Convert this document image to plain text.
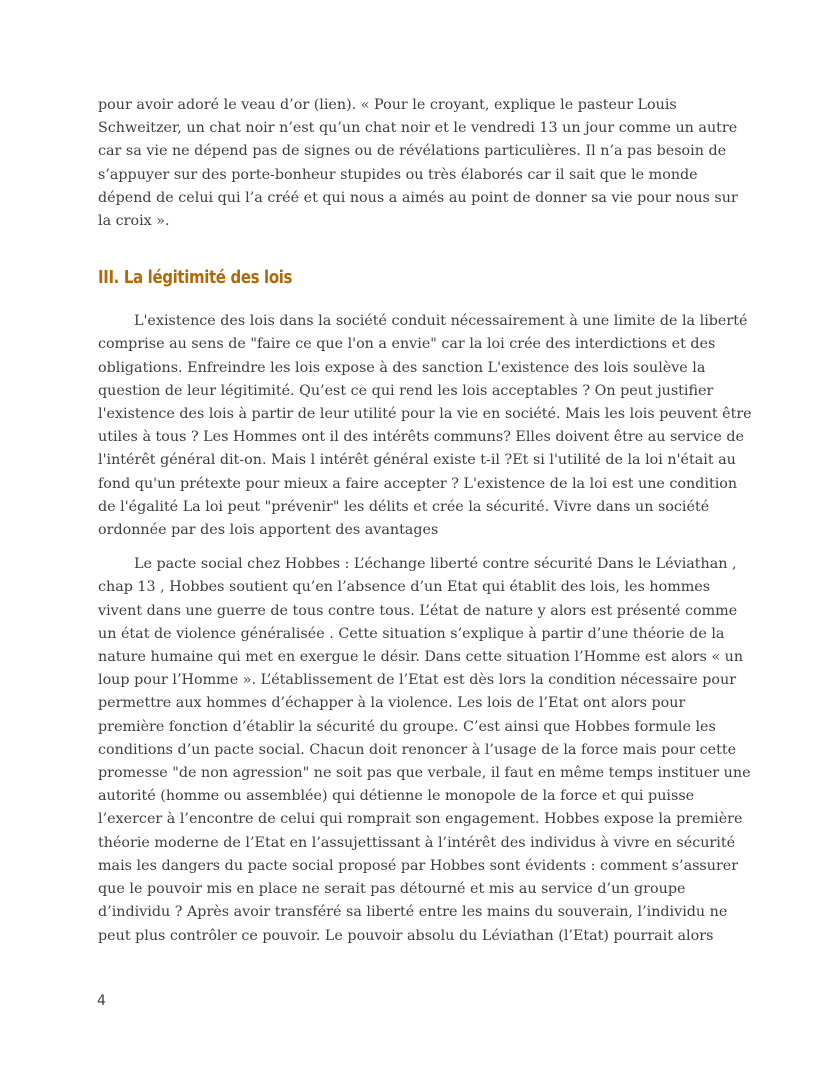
pour avoir adoré le veau d’or (lien). « Pour le croyant, explique le pasteur Louis
Schweitzer, un chat noir n’est qu’un chat noir et le vendredi 13 un jour comme un autre
car sa vie ne dépend pas de signes ou de révélations particulières. Il n’a pas besoin de
s’appuyer sur des porte-bonheur stupides ou très élaborés car il sait que le monde
dépend de celui qui l’a créé et qui nous a aimés au point de donner sa vie pour nous sur
la croix ».

III. La légitimité des lois

L'existence des lois dans la société conduit nécessairement à une limite de la liberté
comprise au sens de "faire ce que l'on a envie" car la loi crée des interdictions et des
obligations. Enfreindre les lois expose à des sanction L'existence des lois soulève la
question de leur légitimité. Qu’est ce qui rend les lois acceptables ? On peut justifier
l'existence des lois à partir de leur utilité pour la vie en société. Mais les lois peuvent être
utiles à tous ? Les Hommes ont il des intérêts communs? Elles doivent être au service de
l'intérêt général dit-on. Mais l intérêt général existe t-il ?Et si l'utilité de la loi n'était au
fond qu'un prétexte pour mieux a faire accepter ? L'existence de la loi est une condition
de l'égalité La loi peut "prévenir" les délits et crée la sécurité. Vivre dans un société
ordonnée par des lois apportent des avantages

Le pacte social chez Hobbes : L’échange liberté contre sécurité Dans le Léviathan ,
chap 13 , Hobbes soutient qu’en l’absence d’un Etat qui établit des lois, les hommes
vivent dans une guerre de tous contre tous. L’état de nature y alors est présenté comme
un état de violence généralisée . Cette situation s’explique à partir d’une théorie de la
nature humaine qui met en exergue le désir. Dans cette situation l’Homme est alors « un
loup pour l’Homme ». L’établissement de l’Etat est dès lors la condition nécessaire pour
permettre aux hommes d’échapper à la violence. Les lois de l’Etat ont alors pour
première fonction d’établir la sécurité du groupe. C’est ainsi que Hobbes formule les
conditions d’un pacte social. Chacun doit renoncer à l’usage de la force mais pour cette
promesse "de non agression" ne soit pas que verbale, il faut en même temps instituer une
autorité (homme ou assemblée) qui détienne le monopole de la force et qui puisse
l’exercer à l’encontre de celui qui romprait son engagement. Hobbes expose la première
théorie moderne de l’Etat en l’assujettissant à l’intérêt des individus à vivre en sécurité
mais les dangers du pacte social proposé par Hobbes sont évidents : comment s’assurer
que le pouvoir mis en place ne serait pas détourné et mis au service d’un groupe
d’individu ? Après avoir transféré sa liberté entre les mains du souverain, l’individu ne
peut plus contrôler ce pouvoir. Le pouvoir absolu du Léviathan (l’Etat) pourrait alors

4
